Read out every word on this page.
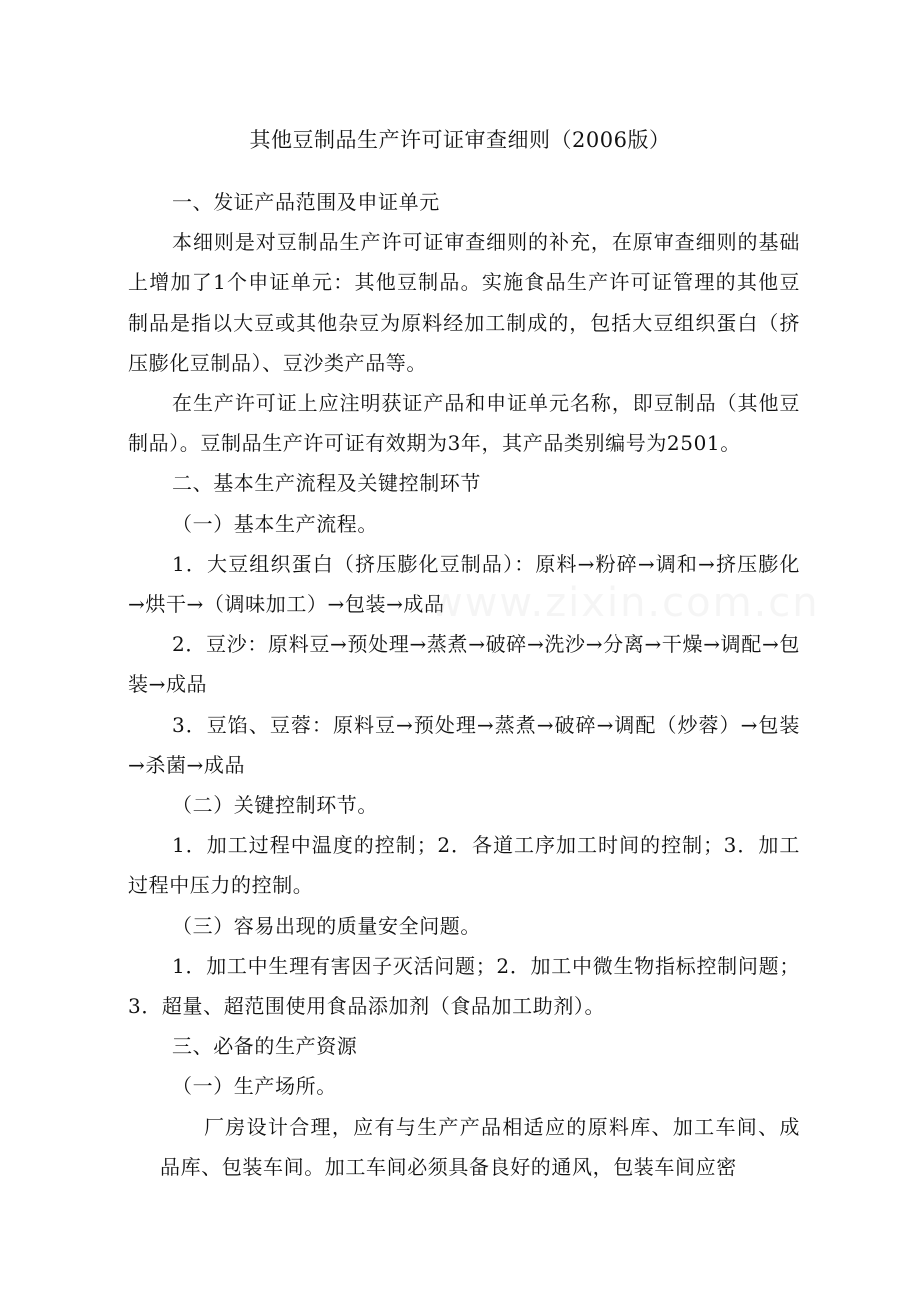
其他豆制品生产许可证审查细则（2006版）

一、发证产品范围及申证单元

本细则是对豆制品生产许可证审查细则的补充，在原审查细则的基础上增加了1个申证单元：其他豆制品。实施食品生产许可证管理的其他豆制品是指以大豆或其他杂豆为原料经加工制成的，包括大豆组织蛋白（挤压膨化豆制品）、豆沙类产品等。

在生产许可证上应注明获证产品和申证单元名称，即豆制品（其他豆制品）。豆制品生产许可证有效期为3年，其产品类别编号为2501。

二、基本生产流程及关键控制环节

（一）基本生产流程。

1．大豆组织蛋白（挤压膨化豆制品）：原料→粉碎→调和→挤压膨化→烘干→（调味加工）→包装→成品

2．豆沙：原料豆→预处理→蒸煮→破碎→洗沙→分离→干燥→调配→包装→成品

3．豆馅、豆蓉：原料豆→预处理→蒸煮→破碎→调配（炒蓉）→包装→杀菌→成品

（二）关键控制环节。

1．加工过程中温度的控制；2．各道工序加工时间的控制；3．加工过程中压力的控制。

（三）容易出现的质量安全问题。

1．加工中生理有害因子灭活问题；2．加工中微生物指标控制问题；3．超量、超范围使用食品添加剂（食品加工助剂）。

三、必备的生产资源

（一）生产场所。

厂房设计合理，应有与生产产品相适应的原料库、加工车间、成品库、包装车间。加工车间必须具备良好的通风，包装车间应密

www.zixin.com.cn
